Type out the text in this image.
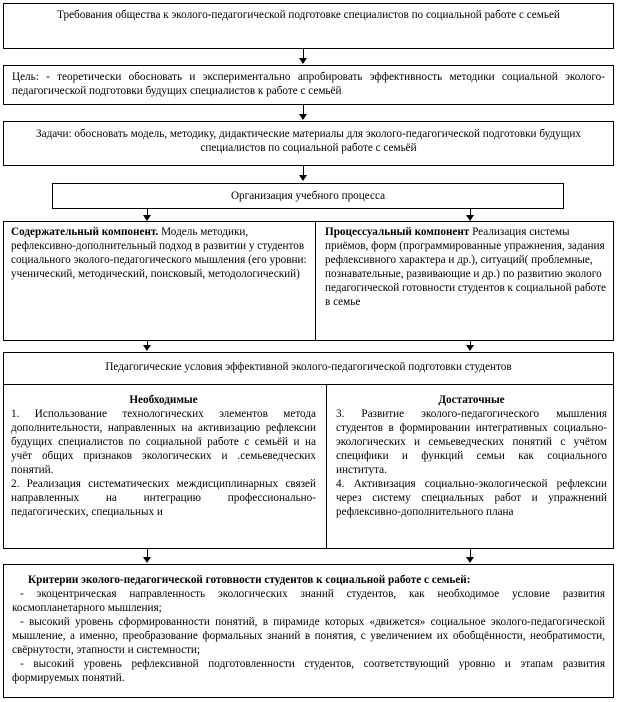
Требования общества к эколого-педагогической подготовке специалистов по социальной работе с семьей
Цель: - теоретически обосновать и экспериментально апробировать эффективность методики социальной эколого-педагогической подготовки будущих специалистов к работе с семьёй
Задачи: обосновать модель, методику, дидактические материалы для эколого-педагогической подготовки будущих специалистов по социальной работе с семьёй
Организация учебного процесса
Содержательный компонент. Модель методики, рефлексивно-дополнительный подход в развитии у студентов социального эколого-педагогического мышления (его уровни: ученический, методический, поисковый, методологический)
Процессуальный компонент Реализация системы приёмов, форм (программированные упражнения, задания рефлексивного характера и др.), ситуаций( проблемные, познавательные, развивающие и др.) по развитию эколого педагогической готовности студентов к социальной работе в семье
Педагогические условия эффективной эколого-педагогической подготовки студентов
Необходимые
1. Использование технологических элементов метода дополнительности, направленных на активизацию рефлексии будущих специалистов по социальной работе с семьёй и на учёт общих признаков экологических и .семьеведческих понятий.
2. Реализация систематических междисциплинарных связей направленных на интеграцию профессионально-педагогических, специальных и
Достаточные
3. Развитие эколого-педагогического мышления студентов в формировании интегративных социально-экологических и семьеведческих понятий с учётом специфики и функций семьи как социального института.
4. Активизация социально-экологической рефлексии через систему специальных работ и упражнений рефлексивно-дополнительного плана
Критерии эколого-педагогической готовности студентов к социальной работе с семьей:
- экоцентрическая направленность экологических знаний студентов, как необходимое условие развития космопланетарного мышления;
- высокий уровень сформированности понятий, в пирамиде которых «движется» социальное эколого-педагогической мышление, а именно, преобразование формальных знаний в понятия, с увеличением их обобщённости, необратимости, свёрнутости, этапности и системности;
- высокий уровень рефлексивной подготовленности студентов, соответствующий уровню и этапам развития формируемых понятий.
